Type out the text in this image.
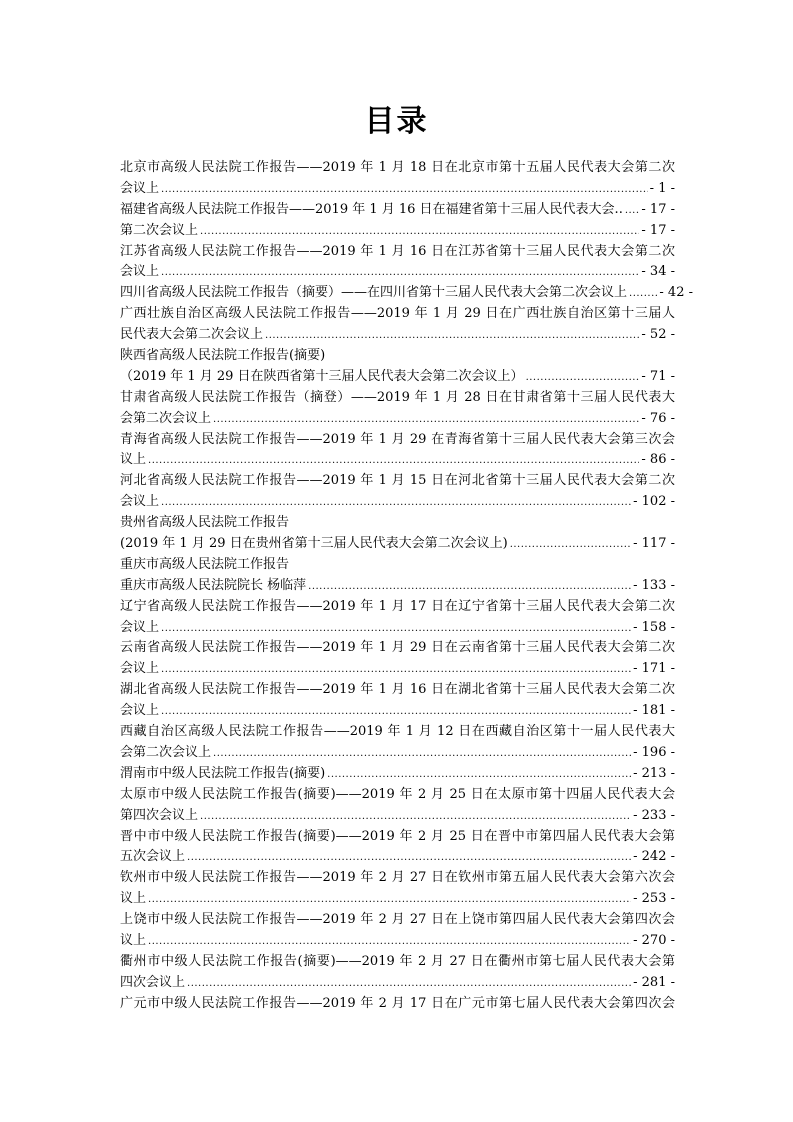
目录
北京市高级人民法院工作报告——2019 年 1 月 18 日在北京市第十五届人民代表大会第二次
会议上 .....	- 1 -
福建省高级人民法院工作报告——2019 年 1 月 16 日在福建省第十三届人民代表大会.. ..... - 17 -
第二次会议上 .....	- 17 -
江苏省高级人民法院工作报告——2019 年 1 月 16 日在江苏省第十三届人民代表大会第二次
会议上 .....	- 34 -
四川省高级人民法院工作报告（摘要）——在四川省第十三届人民代表大会第二次会议上 ..... - 42 -
广西壮族自治区高级人民法院工作报告——2019 年 1 月 29 日在广西壮族自治区第十三届人
民代表大会第二次会议上 .....	- 52 -
陕西省高级人民法院工作报告(摘要)
（2019 年 1 月 29 日在陕西省第十三届人民代表大会第二次会议上） .....	- 71 -
甘肃省高级人民法院工作报告（摘登）——2019 年 1 月 28 日在甘肃省第十三届人民代表大
会第二次会议上 .....	- 76 -
青海省高级人民法院工作报告——2019 年 1 月 29 在青海省第十三届人民代表大会第三次会
议上 .....	- 86 -
河北省高级人民法院工作报告——2019 年 1 月 15 日在河北省第十三届人民代表大会第二次
会议上 .....	- 102 -
贵州省高级人民法院工作报告
(2019 年 1 月 29 日在贵州省第十三届人民代表大会第二次会议上) .....	- 117 -
重庆市高级人民法院工作报告
重庆市高级人民法院院长 杨临萍 .....	- 133 -
辽宁省高级人民法院工作报告——2019 年 1 月 17 日在辽宁省第十三届人民代表大会第二次
会议上 .....	- 158 -
云南省高级人民法院工作报告——2019 年 1 月 29 日在云南省第十三届人民代表大会第二次
会议上 .....	- 171 -
湖北省高级人民法院工作报告——2019 年 1 月 16 日在湖北省第十三届人民代表大会第二次
会议上 .....	- 181 -
西藏自治区高级人民法院工作报告——2019 年 1 月 12 日在西藏自治区第十一届人民代表大
会第二次会议上 .....	- 196 -
渭南市中级人民法院工作报告(摘要) .....	- 213 -
太原市中级人民法院工作报告(摘要)——2019 年 2 月 25 日在太原市第十四届人民代表大会
第四次会议上 .....	- 233 -
晋中市中级人民法院工作报告(摘要)——2019 年 2 月 25 日在晋中市第四届人民代表大会第
五次会议上 .....	- 242 -
钦州市中级人民法院工作报告——2019 年 2 月 27 日在钦州市第五届人民代表大会第六次会
议上 .....	- 253 -
上饶市中级人民法院工作报告——2019 年 2 月 27 日在上饶市第四届人民代表大会第四次会
议上 .....	- 270 -
衢州市中级人民法院工作报告(摘要)——2019 年 2 月 27 日在衢州市第七届人民代表大会第
四次会议上 .....	- 281 -
广元市中级人民法院工作报告——2019 年 2 月 17 日在广元市第七届人民代表大会第四次会
